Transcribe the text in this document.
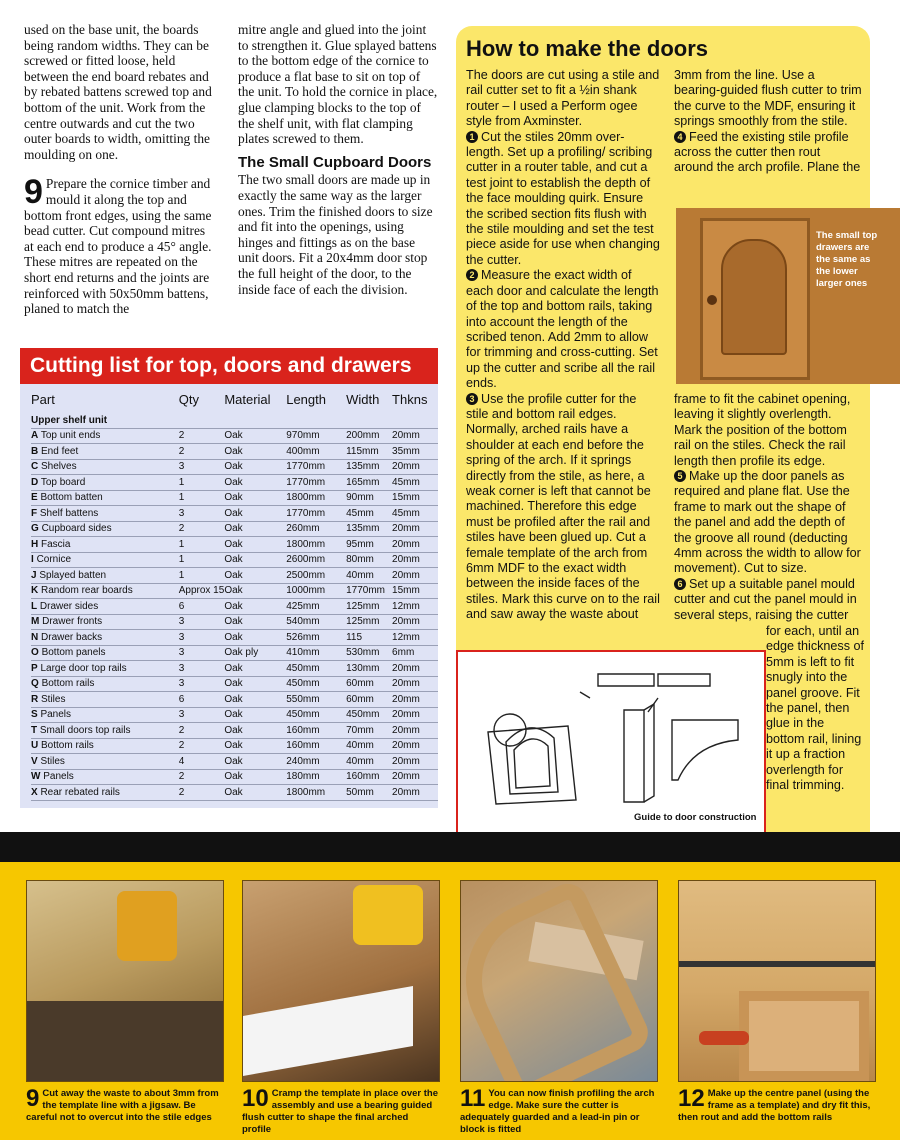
used on the base unit, the boards being random widths. They can be screwed or fitted loose, held between the end board rebates and by rebated battens screwed top and bottom of the unit. Work from the centre outwards and cut the two outer boards to width, omitting the moulding on one.

9 Prepare the cornice timber and mould it along the top and bottom front edges, using the same bead cutter. Cut compound mitres at each end to produce a 45° angle. These mitres are repeated on the short end returns and the joints are reinforced with 50x50mm battens, planed to match the

mitre angle and glued into the joint to strengthen it. Glue splayed battens to the bottom edge of the cornice to produce a flat base to sit on top of the unit. To hold the cornice in place, glue clamping blocks to the top of the shelf unit, with flat clamping plates screwed to them.

The Small Cupboard Doors

The two small doors are made up in exactly the same way as the larger ones. Trim the finished doors to size and fit into the openings, using hinges and fittings as on the base unit doors. Fit a 20x4mm door stop the full height of the door, to the inside face of each the division.

Cutting list for top, doors and drawers
Part	Qty	Material	Length	Width	Thkns
Upper shelf unit					
A Top unit ends	2	Oak	970mm	200mm	20mm
B End feet	2	Oak	400mm	115mm	35mm
C Shelves	3	Oak	1770mm	135mm	20mm
D Top board	1	Oak	1770mm	165mm	45mm
E Bottom batten	1	Oak	1800mm	90mm	15mm
F Shelf battens	3	Oak	1770mm	45mm	45mm
G Cupboard sides	2	Oak	260mm	135mm	20mm
H Fascia	1	Oak	1800mm	95mm	20mm
I Cornice	1	Oak	2600mm	80mm	20mm
J Splayed batten	1	Oak	2500mm	40mm	20mm
K Random rear boards	Approx 15	Oak	1000mm	1770mm	15mm
L Drawer sides	6	Oak	425mm	125mm	12mm
M Drawer fronts	3	Oak	540mm	125mm	20mm
N Drawer backs	3	Oak	526mm	115	12mm
O Bottom panels	3	Oak ply	410mm	530mm	6mm
P Large door top rails	3	Oak	450mm	130mm	20mm
Q Bottom rails	3	Oak	450mm	60mm	20mm
R Stiles	6	Oak	550mm	60mm	20mm
S Panels	3	Oak	450mm	450mm	20mm
T Small doors top rails	2	Oak	160mm	70mm	20mm
U Bottom rails	2	Oak	160mm	40mm	20mm
V Stiles	4	Oak	240mm	40mm	20mm
W Panels	2	Oak	180mm	160mm	20mm
X Rear rebated rails	2	Oak	1800mm	50mm	20mm
How to make the doors
The doors are cut using a stile and rail cutter set to fit a ½in shank router – I used a Perform ogee style from Axminster.
1 Cut the stiles 20mm over-length. Set up a profiling/ scribing cutter in a router table, and cut a test joint to establish the depth of the face moulding quirk. Ensure the scribed section fits flush with the stile moulding and set the test piece aside for use when changing the cutter.
2 Measure the exact width of each door and calculate the length of the top and bottom rails, taking into account the length of the scribed tenon. Add 2mm to allow for trimming and cross-cutting. Set up the cutter and scribe all the rail ends.
3 Use the profile cutter for the stile and bottom rail edges. Normally, arched rails have a shoulder at each end before the spring of the arch. If it springs directly from the stile, as here, a weak corner is left that cannot be machined. Therefore this edge must be profiled after the rail and stiles have been glued up. Cut a female template of the arch from 6mm MDF to the exact width between the inside faces of the stiles. Mark this curve on to the rail and saw away the waste about
3mm from the line. Use a bearing-guided flush cutter to trim the curve to the MDF, ensuring it springs smoothly from the stile.
4 Feed the existing stile profile across the cutter then rout around the arch profile. Plane the
frame to fit the cabinet opening, leaving it slightly overlength. Mark the position of the bottom rail on the stiles. Check the rail length then profile its edge.
5 Make up the door panels as required and plane flat. Use the frame to mark out the shape of the panel and add the depth of the groove all round (deducting 4mm across the width to allow for movement). Cut to size.
6 Set up a suitable panel mould cutter and cut the panel mould in several steps, raising the cutter
for each, until an edge thickness of 5mm is left to fit snugly into the panel groove. Fit the panel, then glue in the bottom rail, lining it up a fraction overlength for final trimming.
The small top drawers are the same as the lower larger ones
Guide to door construction
9 Cut away the waste to about 3mm from the template line with a jigsaw. Be careful not to overcut into the stile edges
10 Cramp the template in place over the assembly and use a bearing guided flush cutter to shape the final arched profile
11 You can now finish profiling the arch edge. Make sure the cutter is adequately guarded and a lead-in pin or block is fitted
12 Make up the centre panel (using the frame as a template) and dry fit this, then rout and add the bottom rails
